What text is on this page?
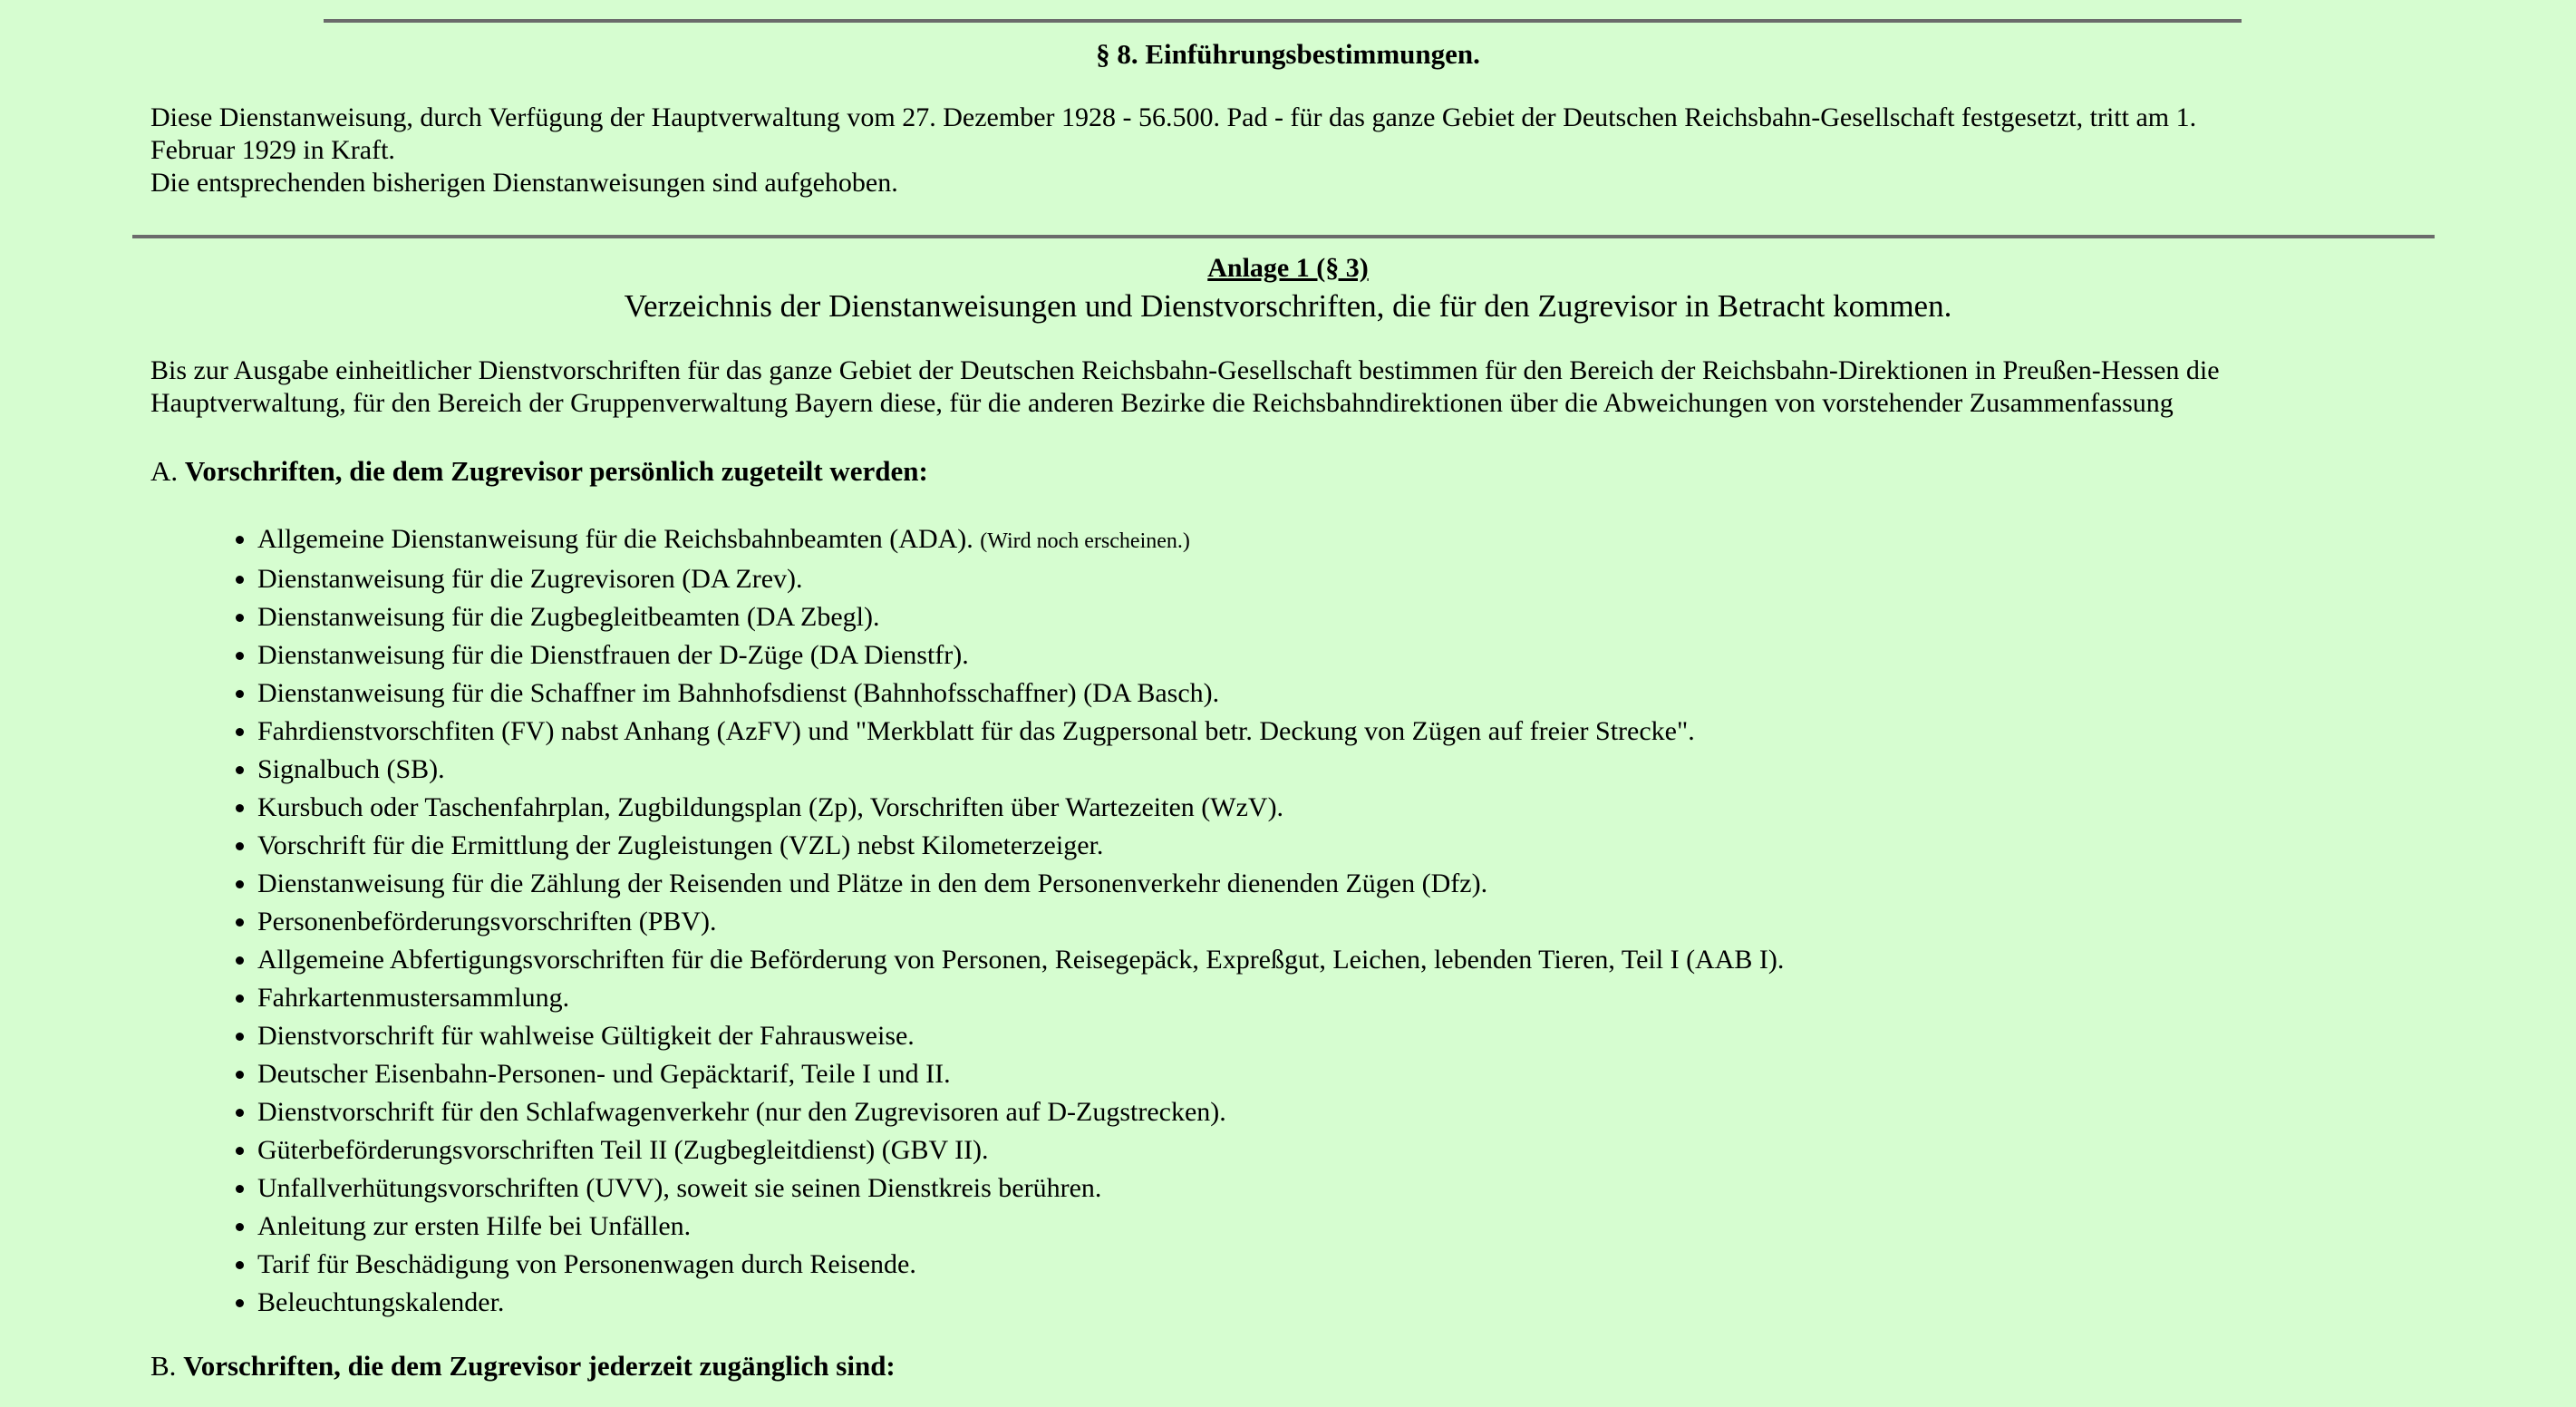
§ 8. Einführungsbestimmungen.
Diese Dienstanweisung, durch Verfügung der Hauptverwaltung vom 27. Dezember 1928 - 56.500. Pad - für das ganze Gebiet der Deutschen Reichsbahn-Gesellschaft festgesetzt, tritt am 1.
Februar 1929 in Kraft.
Die entsprechenden bisherigen Dienstanweisungen sind aufgehoben.
Anlage 1 (§ 3)
Verzeichnis der Dienstanweisungen und Dienstvorschriften, die für den Zugrevisor in Betracht kommen.
Bis zur Ausgabe einheitlicher Dienstvorschriften für das ganze Gebiet der Deutschen Reichsbahn-Gesellschaft bestimmen für den Bereich der Reichsbahn-Direktionen in Preußen-Hessen die
Hauptverwaltung, für den Bereich der Gruppenverwaltung Bayern diese, für die anderen Bezirke die Reichsbahndirektionen über die Abweichungen von vorstehender Zusammenfassung
A. Vorschriften, die dem Zugrevisor persönlich zugeteilt werden:
• Allgemeine Dienstanweisung für die Reichsbahnbeamten (ADA). (Wird noch erscheinen.)
• Dienstanweisung für die Zugrevisoren (DA Zrev).
• Dienstanweisung für die Zugbegleitbeamten (DA Zbegl).
• Dienstanweisung für die Dienstfrauen der D-Züge (DA Dienstfr).
• Dienstanweisung für die Schaffner im Bahnhofsdienst (Bahnhofsschaffner) (DA Basch).
• Fahrdienstvorschfiten (FV) nabst Anhang (AzFV) und "Merkblatt für das Zugpersonal betr. Deckung von Zügen auf freier Strecke".
• Signalbuch (SB).
• Kursbuch oder Taschenfahrplan, Zugbildungsplan (Zp), Vorschriften über Wartezeiten (WzV).
• Vorschrift für die Ermittlung der Zugleistungen (VZL) nebst Kilometerzeiger.
• Dienstanweisung für die Zählung der Reisenden und Plätze in den dem Personenverkehr dienenden Zügen (Dfz).
• Personenbeförderungsvorschriften (PBV).
• Allgemeine Abfertigungsvorschriften für die Beförderung von Personen, Reisegepäck, Expreßgut, Leichen, lebenden Tieren, Teil I (AAB I).
• Fahrkartenmustersammlung.
• Dienstvorschrift für wahlweise Gültigkeit der Fahrausweise.
• Deutscher Eisenbahn-Personen- und Gepäcktarif, Teile I und II.
• Dienstvorschrift für den Schlafwagenverkehr (nur den Zugrevisoren auf D-Zugstrecken).
• Güterbeförderungsvorschriften Teil II (Zugbegleitdienst) (GBV II).
• Unfallverhütungsvorschriften (UVV), soweit sie seinen Dienstkreis berühren.
• Anleitung zur ersten Hilfe bei Unfällen.
• Tarif für Beschädigung von Personenwagen durch Reisende.
• Beleuchtungskalender.
B. Vorschriften, die dem Zugrevisor jederzeit zugänglich sind:
